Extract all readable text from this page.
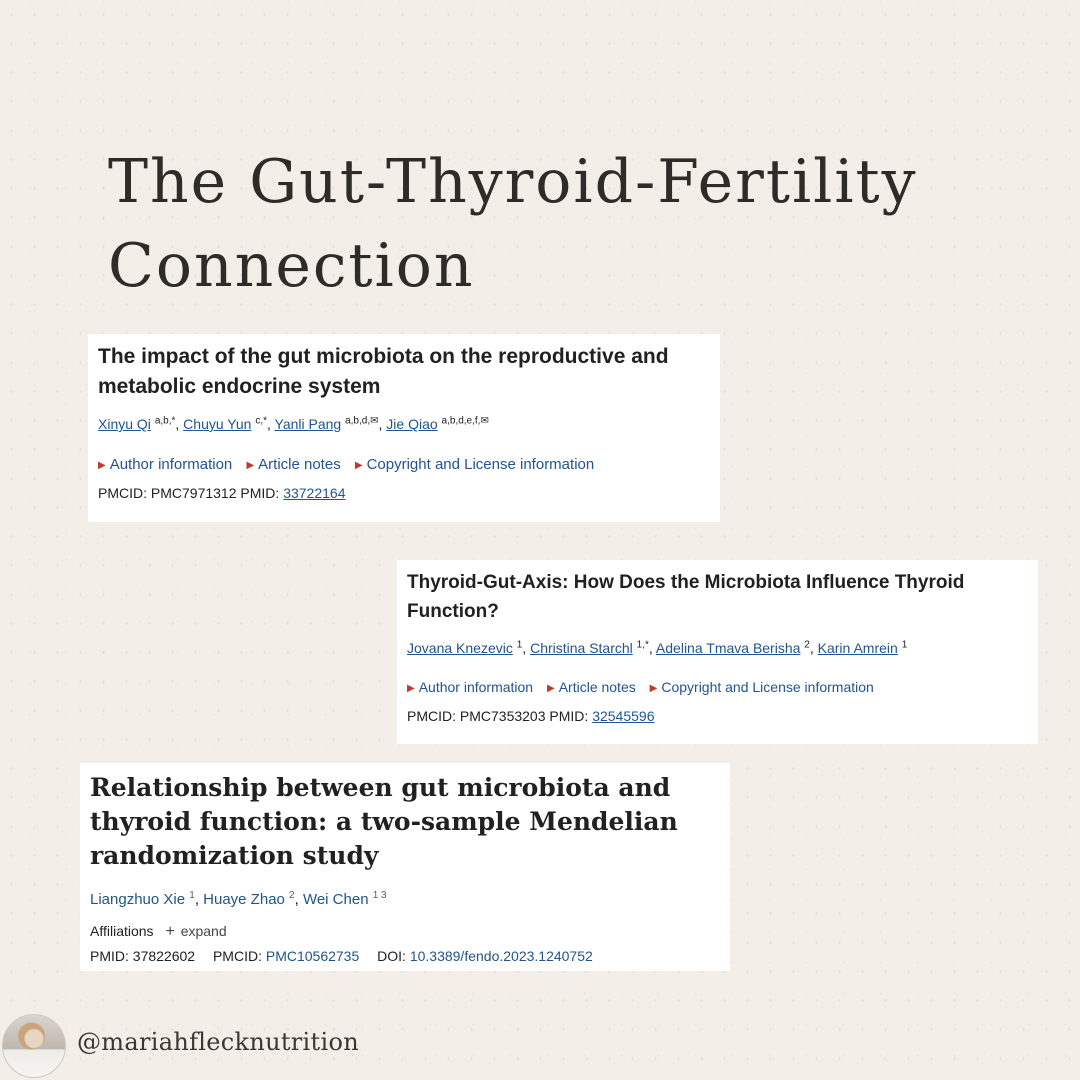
The Gut-Thyroid-Fertility Connection
The impact of the gut microbiota on the reproductive and metabolic endocrine system
Xinyu Qi $^{a,b,*}$, Chuyu Yun $^{c,*}$, Yanli Pang $^{a,b,d,✉}$, Jie Qiao $^{a,b,d,e,f,✉}$
▶ Author information ▶ Article notes ▶ Copyright and License information
PMCID: PMC7971312 PMID: 33722164
Thyroid-Gut-Axis: How Does the Microbiota Influence Thyroid Function?
Jovana Knezevic $^1$, Christina Starchl $^{1,*}$, Adelina Tmava Berisha $^2$, Karin Amrein $^1$
▶ Author information ▶ Article notes ▶ Copyright and License information
PMCID: PMC7353203 PMID: 32545596
Relationship between gut microbiota and thyroid function: a two-sample Mendelian randomization study
Liangzhuo Xie $^1$, Huaye Zhao $^2$, Wei Chen $^{1 3}$
Affiliations + expand
PMID: 37822602 PMCID: PMC10562735 DOI: 10.3389/fendo.2023.1240752
@mariahflecknutrition
